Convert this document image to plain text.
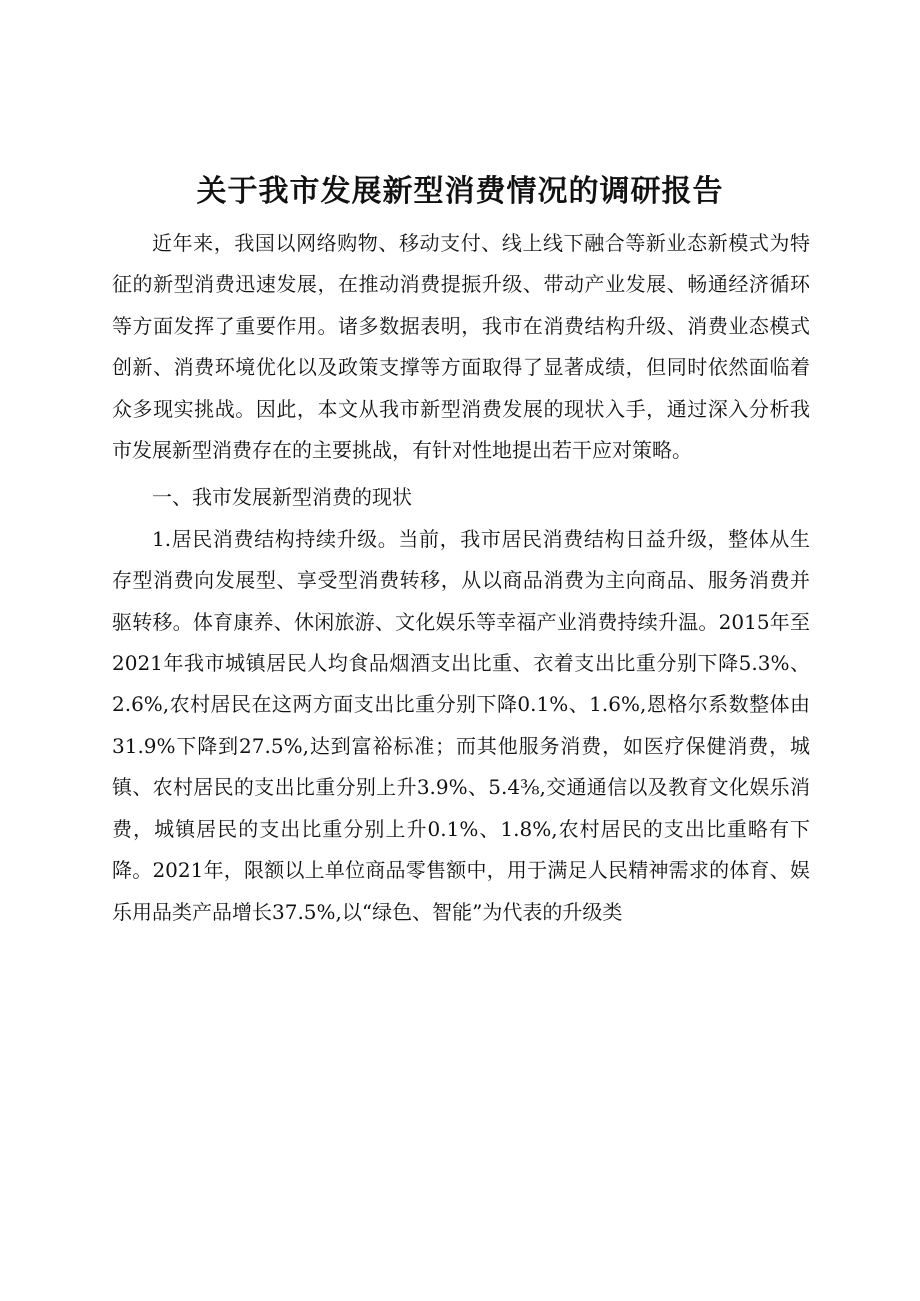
关于我市发展新型消费情况的调研报告

近年来，我国以网络购物、移动支付、线上线下融合等新业态新模式为特征的新型消费迅速发展，在推动消费提振升级、带动产业发展、畅通经济循环等方面发挥了重要作用。诸多数据表明，我市在消费结构升级、消费业态模式创新、消费环境优化以及政策支撑等方面取得了显著成绩，但同时依然面临着众多现实挑战。因此，本文从我市新型消费发展的现状入手，通过深入分析我市发展新型消费存在的主要挑战，有针对性地提出若干应对策略。

一、我市发展新型消费的现状

1.居民消费结构持续升级。当前，我市居民消费结构日益升级，整体从生存型消费向发展型、享受型消费转移，从以商品消费为主向商品、服务消费并驱转移。体育康养、休闲旅游、文化娱乐等幸福产业消费持续升温。2015年至2021年我市城镇居民人均食品烟酒支出比重、衣着支出比重分别下降5.3%、2.6%,农村居民在这两方面支出比重分别下降0.1%、1.6%,恩格尔系数整体由31.9%下降到27.5%,达到富裕标准；而其他服务消费，如医疗保健消费，城镇、农村居民的支出比重分别上升3.9%、5.4⅜,交通通信以及教育文化娱乐消费，城镇居民的支出比重分别上升0.1%、1.8%,农村居民的支出比重略有下降。2021年，限额以上单位商品零售额中，用于满足人民精神需求的体育、娱乐用品类产品增长37.5%,以“绿色、智能”为代表的升级类
